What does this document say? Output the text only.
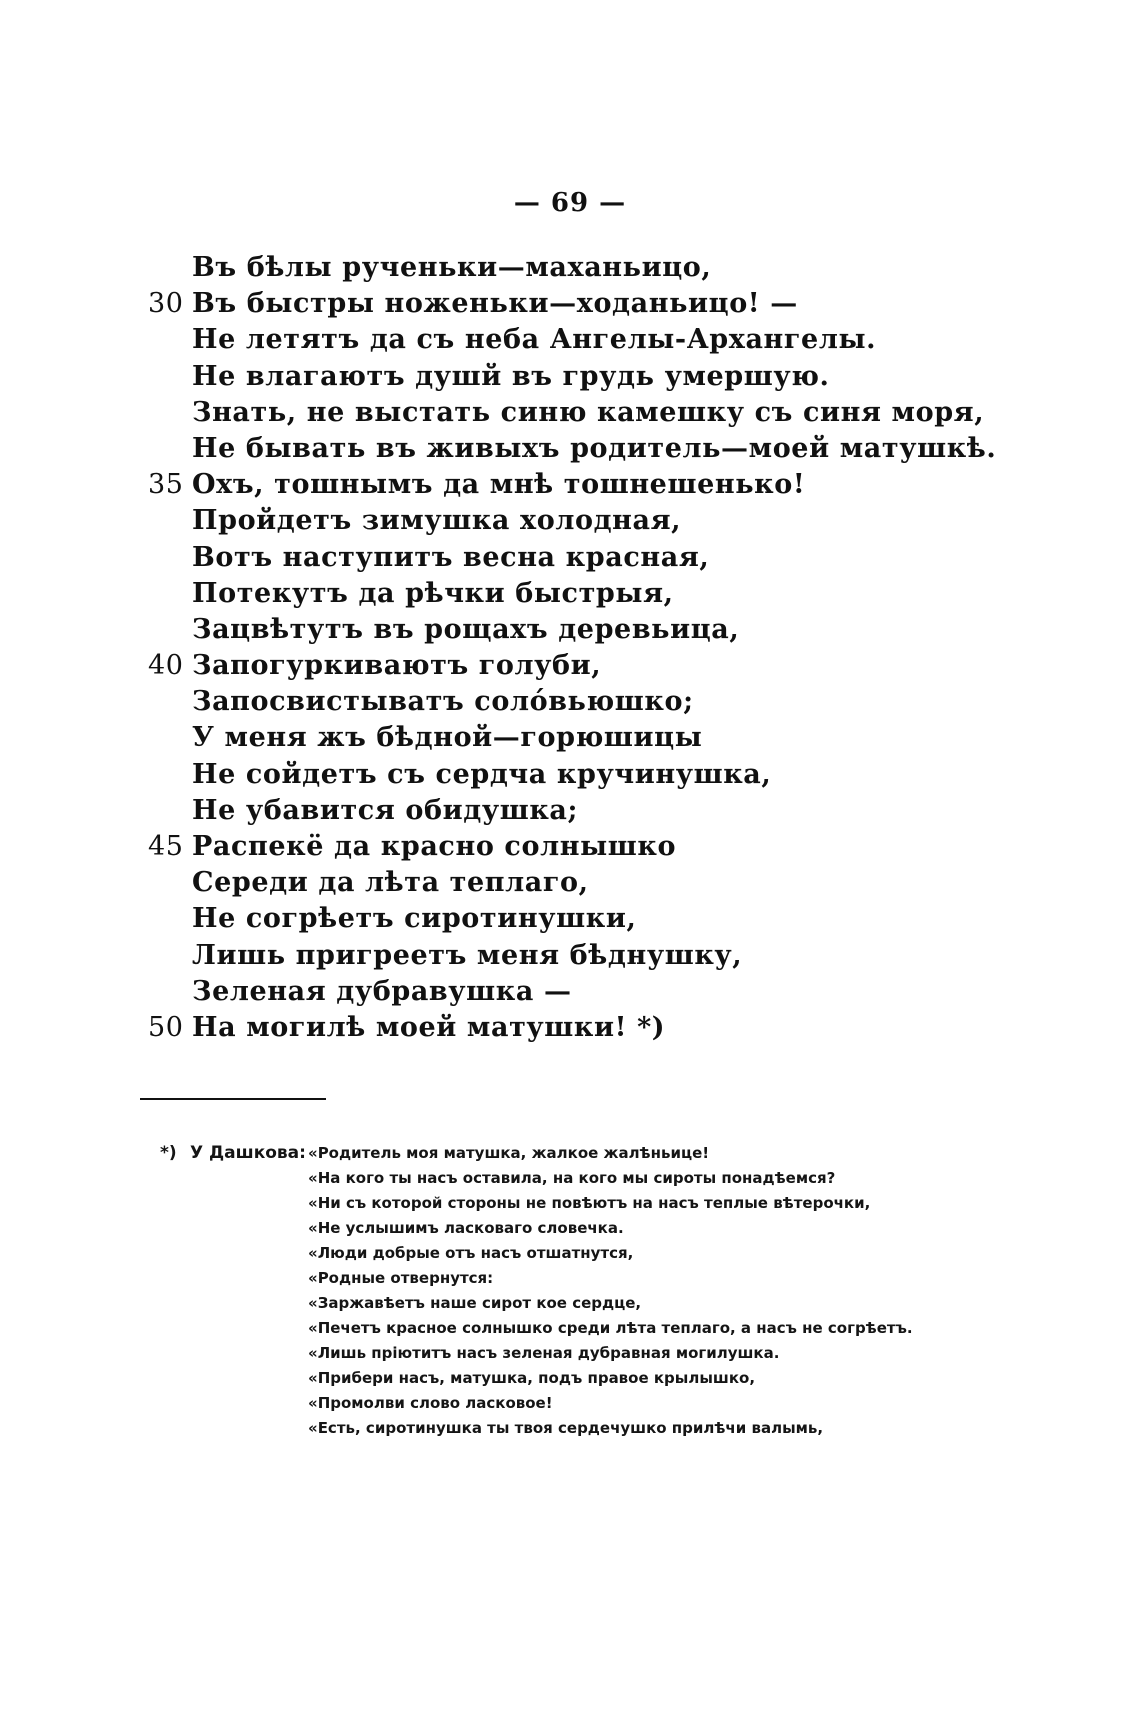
— 69 —
Въ бѣлы рученьки—маханьицо,
30 Въ быстры ноженьки—ходаньицо! —
Не летятъ да съ неба Ангелы-Архангелы.
Не влагаютъ душй въ грудь умершую.
Знать, не выстать синю камешку съ синя моря,
Не бывать въ живыхъ родитель—моей матушкѣ.
35 Охъ, тошнымъ да мнѣ тошнешенько!
Пройдетъ зимушка холодная,
Вотъ наступитъ весна красная,
Потекутъ да рѣчки быстрыя,
Зацвѣтутъ въ рощахъ деревьица,
40 Запогуркиваютъ голуби,
Запосвистыватъ соло́вьюшко;
У меня жъ бѣдной—горюшицы
Не сойдетъ съ сердча кручинушка,
Не убавится обидушка;
45 Распекё да красно солнышко
Середи да лѣта теплаго,
Не согрѣетъ сиротинушки,
Лишь пригреетъ меня бѣднушку,
Зеленая дубравушка —
50 На могилѣ моей матушки! *)
*) У Дашкова: «Родитель моя матушка, жалкое жалѣньице!
«На кого ты насъ оставила, на кого мы сироты понадѣемся?
«Ни съ которой стороны не повѣютъ на насъ теплые вѣтерочки,
«Не услышимъ ласковаго словечка.
«Люди добрые отъ насъ отшатнутся,
«Родные отвернутся:
«Заржавѣетъ наше сирот кое сердце,
«Печетъ красное солнышко среди лѣта теплаго, а насъ не согрѣетъ.
«Лишь пріютитъ насъ зеленая дубравная могилушка.
«Прибери насъ, матушка, подъ правое крылышко,
«Промолви слово ласковое!
«Есть, сиротинушка ты твоя сердечушко прилѣчи валымь,
